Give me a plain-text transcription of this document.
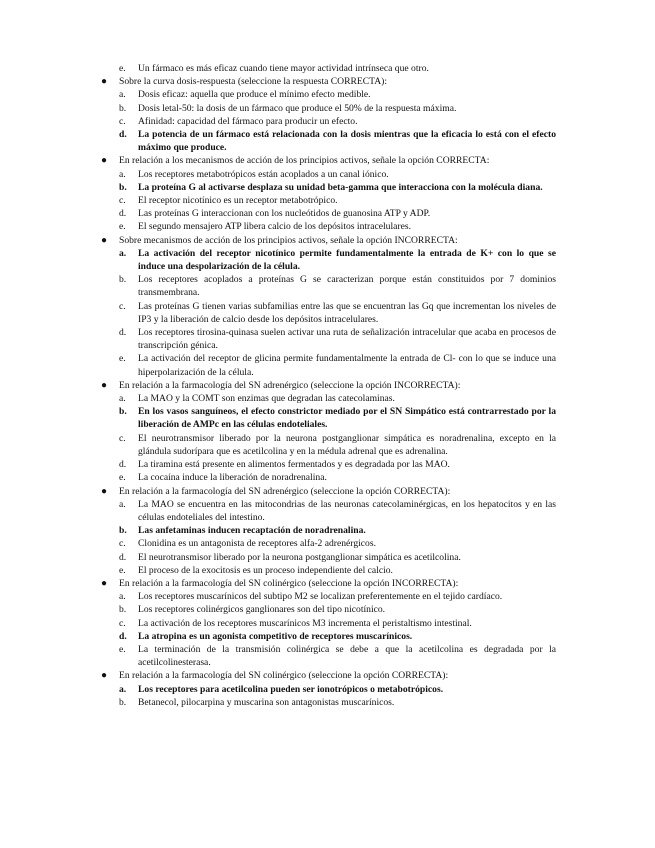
e. Un fármaco es más eficaz cuando tiene mayor actividad intrínseca que otro.
● Sobre la curva dosis-respuesta (seleccione la respuesta CORRECTA):
a. Dosis eficaz: aquella que produce el mínimo efecto medible.
b. Dosis letal-50: la dosis de un fármaco que produce el 50% de la respuesta máxima.
c. Afinidad: capacidad del fármaco para producir un efecto.
d. La potencia de un fármaco está relacionada con la dosis mientras que la eficacia lo está con el efecto máximo que produce.
● En relación a los mecanismos de acción de los principios activos, señale la opción CORRECTA:
a. Los receptores metabotrópicos están acoplados a un canal iónico.
b. La proteína G al activarse desplaza su unidad beta-gamma que interacciona con la molécula diana.
c. El receptor nicotínico es un receptor metabotrópico.
d. Las proteínas G interaccionan con los nucleótidos de guanosina ATP y ADP.
e. El segundo mensajero ATP libera calcio de los depósitos intracelulares.
● Sobre mecanismos de acción de los principios activos, señale la opción INCORRECTA:
a. La activación del receptor nicotínico permite fundamentalmente la entrada de K+ con lo que se induce una despolarización de la célula.
b. Los receptores acoplados a proteínas G se caracterizan porque están constituidos por 7 dominios transmembrana.
c. Las proteínas G tienen varias subfamilias entre las que se encuentran las Gq que incrementan los niveles de IP3 y la liberación de calcio desde los depósitos intracelulares.
d. Los receptores tirosina-quinasa suelen activar una ruta de señalización intracelular que acaba en procesos de transcripción génica.
e. La activación del receptor de glicina permite fundamentalmente la entrada de Cl- con lo que se induce una hiperpolarización de la célula.
● En relación a la farmacología del SN adrenérgico (seleccione la opción INCORRECTA):
a. La MAO y la COMT son enzimas que degradan las catecolaminas.
b. En los vasos sanguíneos, el efecto constrictor mediado por el SN Simpático está contrarrestado por la liberación de AMPc en las células endoteliales.
c. El neurotransmisor liberado por la neurona postganglionar simpática es noradrenalina, excepto en la glándula sudorípara que es acetilcolina y en la médula adrenal que es adrenalina.
d. La tiramina está presente en alimentos fermentados y es degradada por las MAO.
e. La cocaína induce la liberación de noradrenalina.
● En relación a la farmacología del SN adrenérgico (seleccione la opción CORRECTA):
a. La MAO se encuentra en las mitocondrias de las neuronas catecolaminérgicas, en los hepatocitos y en las células endoteliales del intestino.
b. Las anfetaminas inducen recaptación de noradrenalina.
c. Clonidina es un antagonista de receptores alfa-2 adrenérgicos.
d. El neurotransmisor liberado por la neurona postganglionar simpática es acetilcolina.
e. El proceso de la exocitosis es un proceso independiente del calcio.
● En relación a la farmacología del SN colinérgico (seleccione la opción INCORRECTA):
a. Los receptores muscarínicos del subtipo M2 se localizan preferentemente en el tejido cardíaco.
b. Los receptores colinérgicos ganglionares son del tipo nicotínico.
c. La activación de los receptores muscarínicos M3 incrementa el peristaltismo intestinal.
d. La atropina es un agonista competitivo de receptores muscarínicos.
e. La terminación de la transmisión colinérgica se debe a que la acetilcolina es degradada por la acetilcolinesterasa.
● En relación a la farmacología del SN colinérgico (seleccione la opción CORRECTA):
a. Los receptores para acetilcolina pueden ser ionotrópicos o metabotrópicos.
b. Betanecol, pilocarpina y muscarina son antagonistas muscarínicos.
